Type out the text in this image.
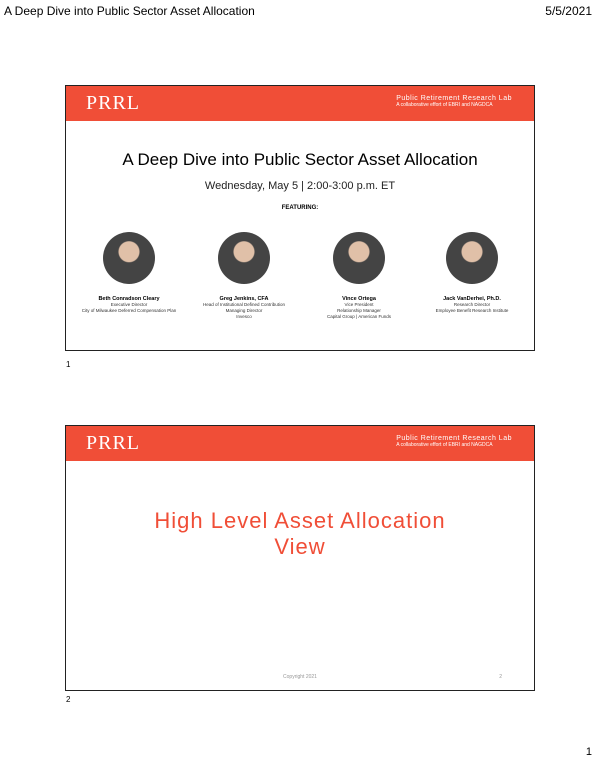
A Deep Dive into Public Sector Asset Allocation	5/5/2021
PRRL	Public Retirement Research Lab
A collaborative effort of EBRI and NAGDCA
A Deep Dive into Public Sector Asset Allocation
Wednesday, May 5 | 2:00-3:00 p.m. ET
FEATURING:
Beth Conradson Cleary
Executive Director
City of Milwaukee Deferred Compensation Plan
Greg Jenkins, CFA
Head of Institutional Defined Contribution
Managing Director
Invesco
Vince Ortega
Vice President
Relationship Manager
Capital Group | American Funds
Jack VanDerhei, Ph.D.
Research Director
Employee Benefit Research Institute
1
PRRL	Public Retirement Research Lab
A collaborative effort of EBRI and NAGDCA
High Level Asset Allocation
View
Copyright 2021	2
2
1
